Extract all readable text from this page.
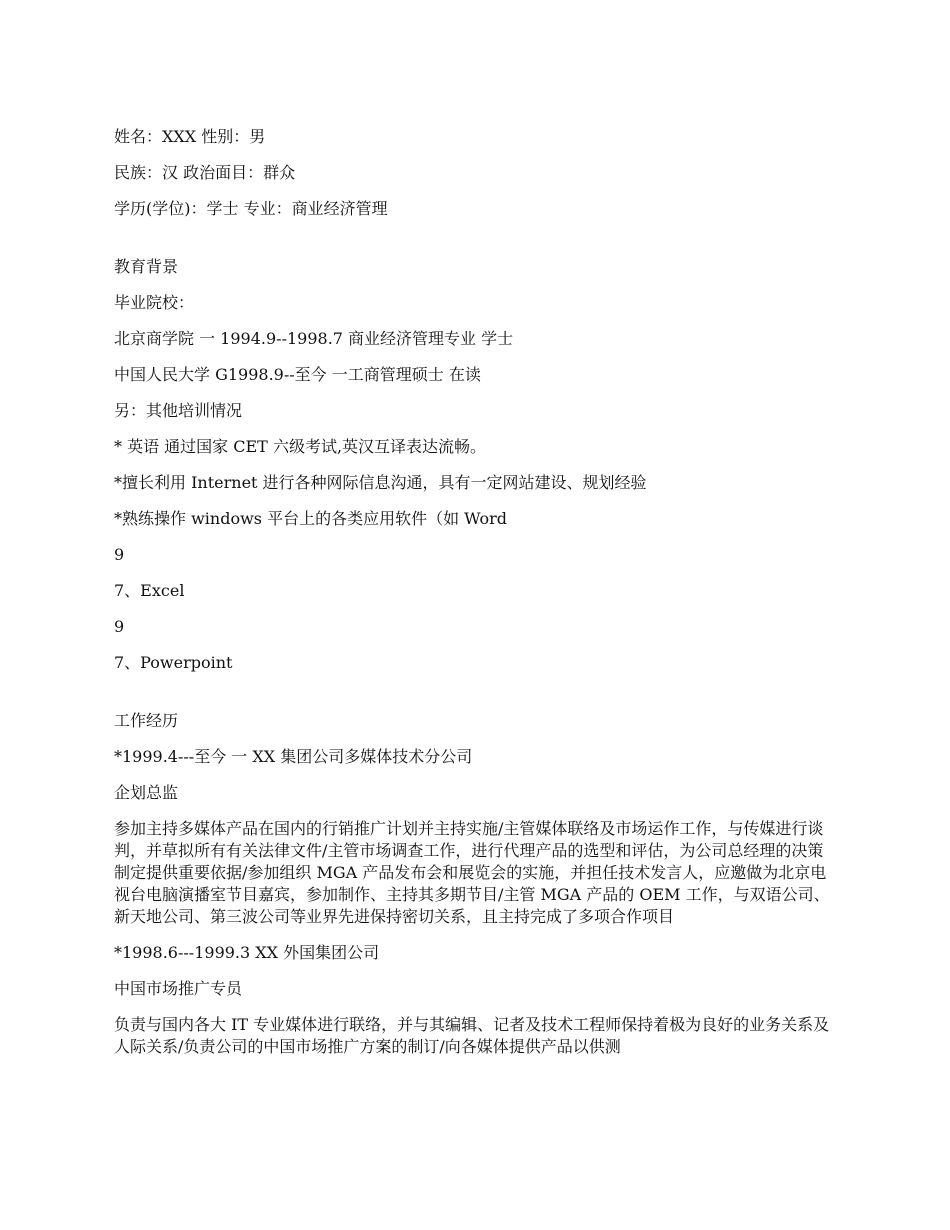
姓名：XXX 性别：男

民族：汉 政治面目：群众

学历(学位)：学士 专业：商业经济管理

教育背景

毕业院校：

北京商学院 一 1994.9--1998.7 商业经济管理专业 学士

中国人民大学 G1998.9--至今 一工商管理硕士 在读

另：其他培训情况

* 英语 通过国家 CET 六级考试,英汉互译表达流畅。

*擅长利用 Internet 进行各种网际信息沟通，具有一定网站建设、规划经验

*熟练操作 windows 平台上的各类应用软件（如 Word

9

7、Excel

9

7、Powerpoint

工作经历

*1999.4---至今 一 XX 集团公司多媒体技术分公司

企划总监

参加主持多媒体产品在国内的行销推广计划并主持实施/主管媒体联络及市场运作工作，与传媒进行谈判，并草拟所有有关法律文件/主管市场调查工作，进行代理产品的选型和评估，为公司总经理的决策制定提供重要依据/参加组织 MGA 产品发布会和展览会的实施，并担任技术发言人，应邀做为北京电视台电脑演播室节目嘉宾，参加制作、主持其多期节目/主管 MGA 产品的 OEM 工作，与双语公司、新天地公司、第三波公司等业界先进保持密切关系，且主持完成了多项合作项目

*1998.6---1999.3 XX 外国集团公司

中国市场推广专员

负责与国内各大 IT 专业媒体进行联络，并与其编辑、记者及技术工程师保持着极为良好的业务关系及人际关系/负责公司的中国市场推广方案的制订/向各媒体提供产品以供测
